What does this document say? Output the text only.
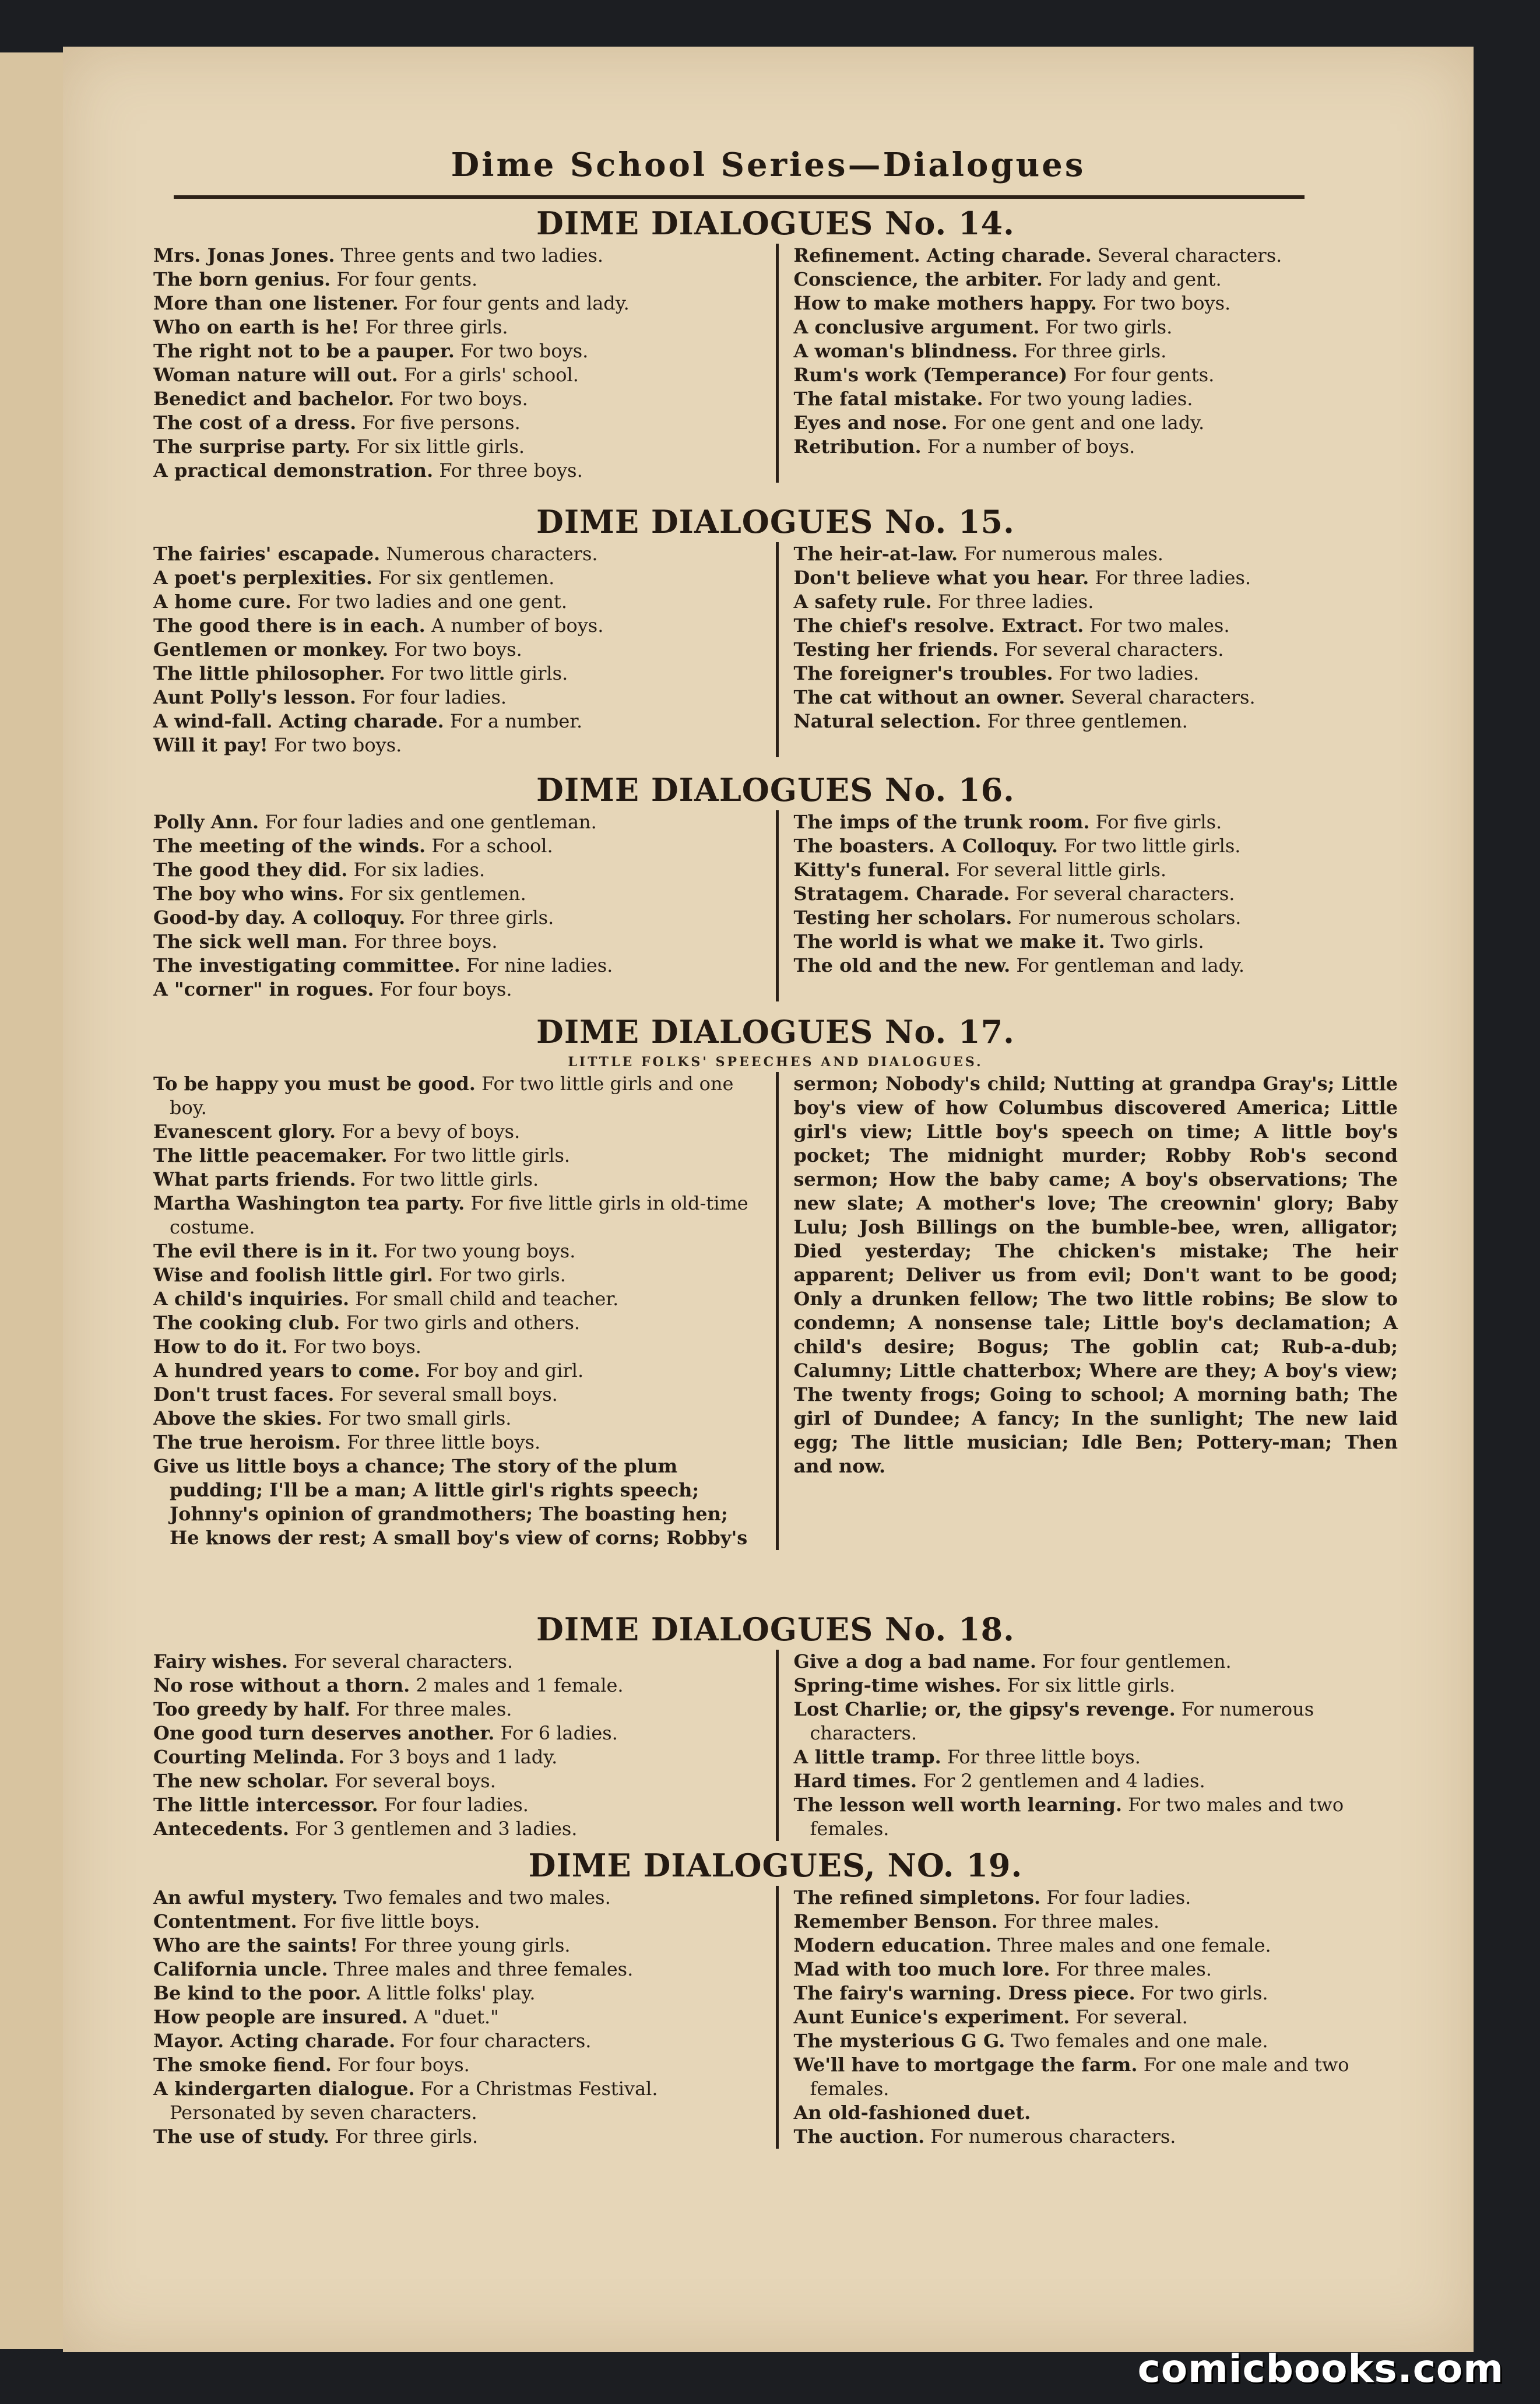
Dime School Series—Dialogues
DIME DIALOGUES No. 14.

Mrs. Jonas Jones. Three gents and two ladies.

The born genius. For four gents.

More than one listener. For four gents and lady.

Who on earth is he! For three girls.

The right not to be a pauper. For two boys.

Woman nature will out. For a girls' school.

Benedict and bachelor. For two boys.

The cost of a dress. For five persons.

The surprise party. For six little girls.

A practical demonstration. For three boys.

Refinement. Acting charade. Several characters.

Conscience, the arbiter. For lady and gent.

How to make mothers happy. For two boys.

A conclusive argument. For two girls.

A woman's blindness. For three girls.

Rum's work (Temperance) For four gents.

The fatal mistake. For two young ladies.

Eyes and nose. For one gent and one lady.

Retribution. For a number of boys.

DIME DIALOGUES No. 15.

The fairies' escapade. Numerous characters.

A poet's perplexities. For six gentlemen.

A home cure. For two ladies and one gent.

The good there is in each. A number of boys.

Gentlemen or monkey. For two boys.

The little philosopher. For two little girls.

Aunt Polly's lesson. For four ladies.

A wind-fall. Acting charade. For a number.

Will it pay! For two boys.

The heir-at-law. For numerous males.

Don't believe what you hear. For three ladies.

A safety rule. For three ladies.

The chief's resolve. Extract. For two males.

Testing her friends. For several characters.

The foreigner's troubles. For two ladies.

The cat without an owner. Several characters.

Natural selection. For three gentlemen.

DIME DIALOGUES No. 16.

Polly Ann. For four ladies and one gentleman.

The meeting of the winds. For a school.

The good they did. For six ladies.

The boy who wins. For six gentlemen.

Good-by day. A colloquy. For three girls.

The sick well man. For three boys.

The investigating committee. For nine ladies.

A "corner" in rogues. For four boys.

The imps of the trunk room. For five girls.

The boasters. A Colloquy. For two little girls.

Kitty's funeral. For several little girls.

Stratagem. Charade. For several characters.

Testing her scholars. For numerous scholars.

The world is what we make it. Two girls.

The old and the new. For gentleman and lady.

DIME DIALOGUES No. 17.
LITTLE FOLKS' SPEECHES AND DIALOGUES.

To be happy you must be good. For two little girls and one boy.

Evanescent glory. For a bevy of boys.

The little peacemaker. For two little girls.

What parts friends. For two little girls.

Martha Washington tea party. For five little girls in old-time costume.

The evil there is in it. For two young boys.

Wise and foolish little girl. For two girls.

A child's inquiries. For small child and teacher.

The cooking club. For two girls and others.

How to do it. For two boys.

A hundred years to come. For boy and girl.

Don't trust faces. For several small boys.

Above the skies. For two small girls.

The true heroism. For three little boys.

Give us little boys a chance; The story of the plum pudding; I'll be a man; A little girl's rights speech; Johnny's opinion of grandmothers; The boasting hen; He knows der rest; A small boy's view of corns; Robby's

sermon; Nobody's child; Nutting at grandpa Gray's; Little boy's view of how Columbus discovered America; Little girl's view; Little boy's speech on time; A little boy's pocket; The midnight murder; Robby Rob's second sermon; How the baby came; A boy's observations; The new slate; A mother's love; The creownin' glory; Baby Lulu; Josh Billings on the bumble-bee, wren, alligator; Died yesterday; The chicken's mistake; The heir apparent; Deliver us from evil; Don't want to be good; Only a drunken fellow; The two little robins; Be slow to condemn; A nonsense tale; Little boy's declamation; A child's desire; Bogus; The goblin cat; Rub-a-dub; Calumny; Little chatterbox; Where are they; A boy's view; The twenty frogs; Going to school; A morning bath; The girl of Dundee; A fancy; In the sunlight; The new laid egg; The little musician; Idle Ben; Pottery-man; Then and now.

DIME DIALOGUES No. 18.

Fairy wishes. For several characters.

No rose without a thorn. 2 males and 1 female.

Too greedy by half. For three males.

One good turn deserves another. For 6 ladies.

Courting Melinda. For 3 boys and 1 lady.

The new scholar. For several boys.

The little intercessor. For four ladies.

Antecedents. For 3 gentlemen and 3 ladies.

Give a dog a bad name. For four gentlemen.

Spring-time wishes. For six little girls.

Lost Charlie; or, the gipsy's revenge. For numerous characters.

A little tramp. For three little boys.

Hard times. For 2 gentlemen and 4 ladies.

The lesson well worth learning. For two males and two females.

DIME DIALOGUES, NO. 19.

An awful mystery. Two females and two males.

Contentment. For five little boys.

Who are the saints! For three young girls.

California uncle. Three males and three females.

Be kind to the poor. A little folks' play.

How people are insured. A "duet."

Mayor. Acting charade. For four characters.

The smoke fiend. For four boys.

A kindergarten dialogue. For a Christmas Festival. Personated by seven characters.

The use of study. For three girls.

The refined simpletons. For four ladies.

Remember Benson. For three males.

Modern education. Three males and one female.

Mad with too much lore. For three males.

The fairy's warning. Dress piece. For two girls.

Aunt Eunice's experiment. For several.

The mysterious G G. Two females and one male.

We'll have to mortgage the farm. For one male and two females.

An old-fashioned duet.

The auction. For numerous characters.

comicbooks.com
